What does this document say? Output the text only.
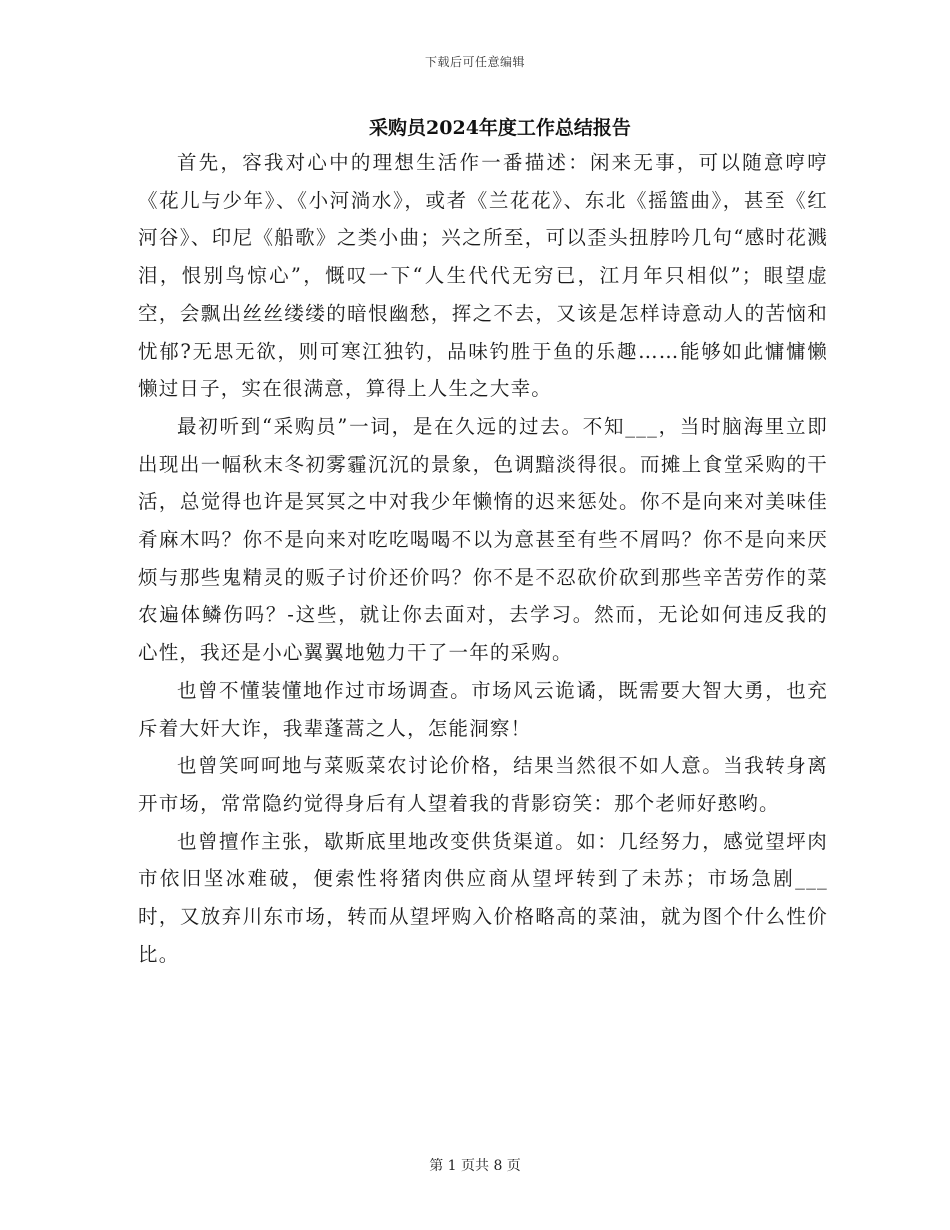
下载后可任意编辑
采购员2024年度工作总结报告

首先，容我对心中的理想生活作一番描述：闲来无事，可以随意哼哼《花儿与少年》、《小河淌水》，或者《兰花花》、东北《摇篮曲》，甚至《红河谷》、印尼《船歌》之类小曲；兴之所至，可以歪头扭脖吟几句“感时花溅泪，恨别鸟惊心”，慨叹一下“人生代代无穷已，江月年只相似”；眼望虚空，会飘出丝丝缕缕的暗恨幽愁，挥之不去，又该是怎样诗意动人的苦恼和忧郁?无思无欲，则可寒江独钓，品味钓胜于鱼的乐趣……能够如此慵慵懒懒过日子，实在很满意，算得上人生之大幸。

最初听到“采购员”一词，是在久远的过去。不知___，当时脑海里立即出现出一幅秋末冬初雾霾沉沉的景象，色调黯淡得很。而摊上食堂采购的干活，总觉得也许是冥冥之中对我少年懒惰的迟来惩处。你不是向来对美味佳肴麻木吗？你不是向来对吃吃喝喝不以为意甚至有些不屑吗？你不是向来厌烦与那些鬼精灵的贩子讨价还价吗？你不是不忍砍价砍到那些辛苦劳作的菜农遍体鳞伤吗？-这些，就让你去面对，去学习。然而，无论如何违反我的心性，我还是小心翼翼地勉力干了一年的采购。

也曾不懂装懂地作过市场调查。市场风云诡谲，既需要大智大勇，也充斥着大奸大诈，我辈蓬蒿之人，怎能洞察！

也曾笑呵呵地与菜贩菜农讨论价格，结果当然很不如人意。当我转身离开市场，常常隐约觉得身后有人望着我的背影窃笑：那个老师好憨哟。

也曾擅作主张，歇斯底里地改变供货渠道。如：几经努力，感觉望坪肉市依旧坚冰难破，便索性将猪肉供应商从望坪转到了未苏；市场急剧___时，又放弃川东市场，转而从望坪购入价格略高的菜油，就为图个什么性价比。

第 1 页共 8 页
